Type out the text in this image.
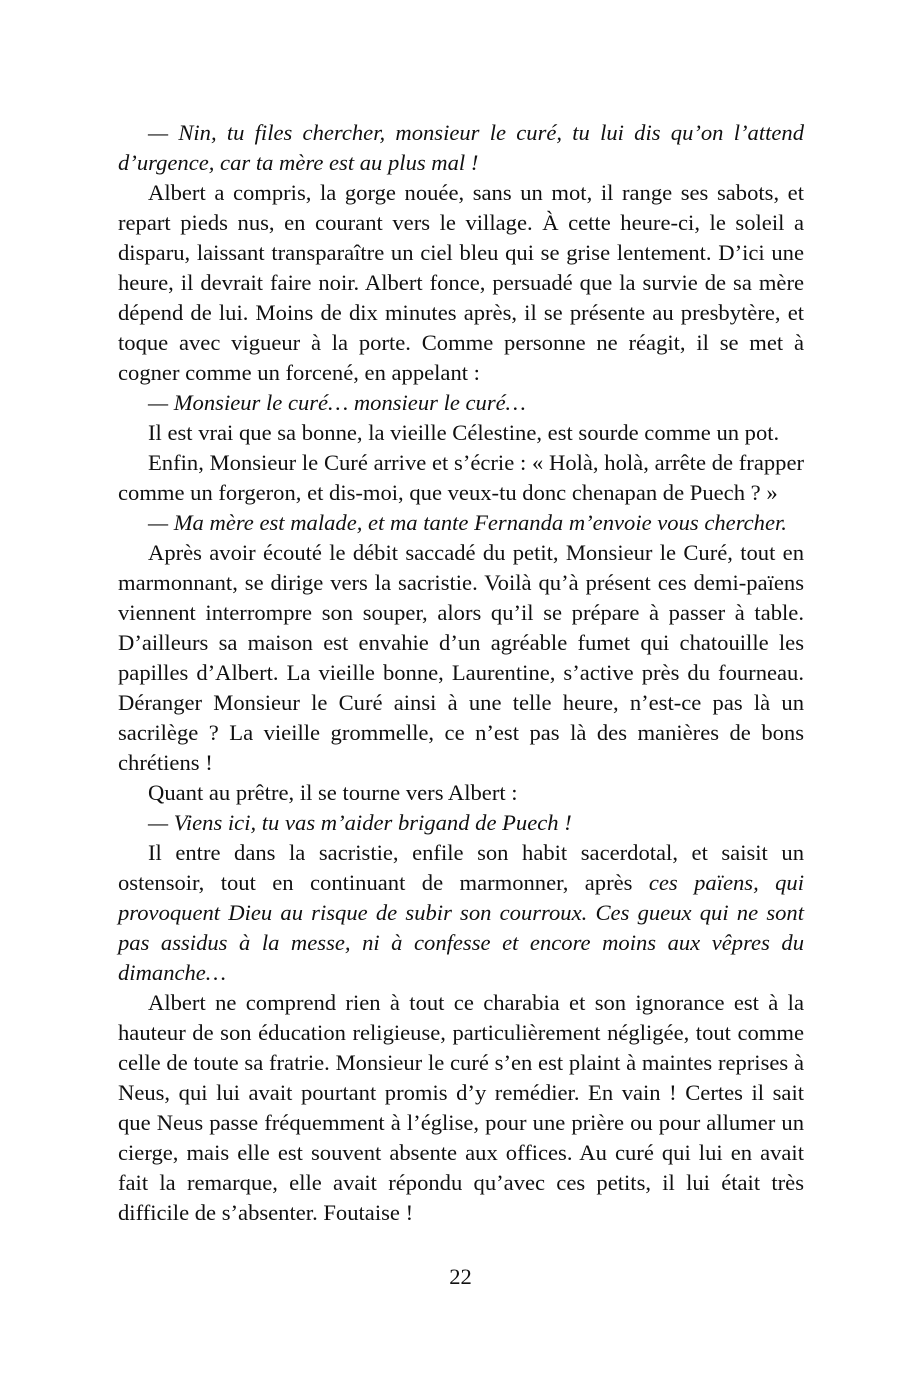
— Nin, tu files chercher, monsieur le curé, tu lui dis qu’on l’attend d’urgence, car ta mère est au plus mal !

Albert a compris, la gorge nouée, sans un mot, il range ses sabots, et repart pieds nus, en courant vers le village. À cette heure-ci, le soleil a disparu, laissant transparaître un ciel bleu qui se grise lentement. D’ici une heure, il devrait faire noir. Albert fonce, persuadé que la survie de sa mère dépend de lui. Moins de dix minutes après, il se présente au presbytère, et toque avec vigueur à la porte. Comme personne ne réagit, il se met à cogner comme un forcené, en appelant :

— Monsieur le curé… monsieur le curé…

Il est vrai que sa bonne, la vieille Célestine, est sourde comme un pot.

Enfin, Monsieur le Curé arrive et s’écrie : « Holà, holà, arrête de frapper comme un forgeron, et dis-moi, que veux-tu donc chenapan de Puech ? »

— Ma mère est malade, et ma tante Fernanda m’envoie vous chercher.

Après avoir écouté le débit saccadé du petit, Monsieur le Curé, tout en marmonnant, se dirige vers la sacristie. Voilà qu’à présent ces demi-païens viennent interrompre son souper, alors qu’il se prépare à passer à table. D’ailleurs sa maison est envahie d’un agréable fumet qui chatouille les papilles d’Albert. La vieille bonne, Laurentine, s’active près du fourneau. Déranger Monsieur le Curé ainsi à une telle heure, n’est-ce pas là un sacrilège ? La vieille grommelle, ce n’est pas là des manières de bons chrétiens !

Quant au prêtre, il se tourne vers Albert :

— Viens ici, tu vas m’aider brigand de Puech !

Il entre dans la sacristie, enfile son habit sacerdotal, et saisit un ostensoir, tout en continuant de marmonner, après ces païens, qui provoquent Dieu au risque de subir son courroux. Ces gueux qui ne sont pas assidus à la messe, ni à confesse et encore moins aux vêpres du dimanche…

Albert ne comprend rien à tout ce charabia et son ignorance est à la hauteur de son éducation religieuse, particulièrement négligée, tout comme celle de toute sa fratrie. Monsieur le curé s’en est plaint à maintes reprises à Neus, qui lui avait pourtant promis d’y remédier. En vain ! Certes il sait que Neus passe fréquemment à l’église, pour une prière ou pour allumer un cierge, mais elle est souvent absente aux offices. Au curé qui lui en avait fait la remarque, elle avait répondu qu’avec ces petits, il lui était très difficile de s’absenter. Foutaise !

22
